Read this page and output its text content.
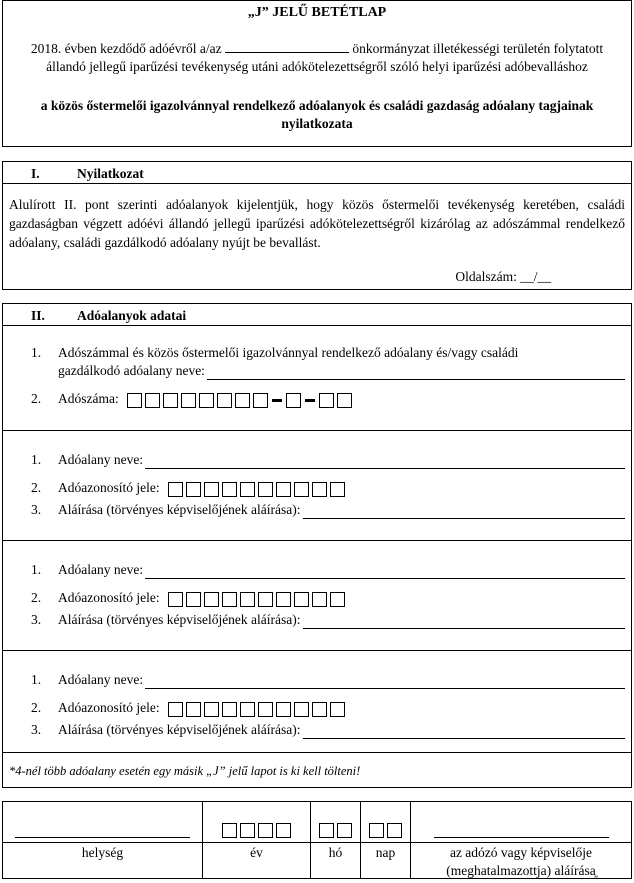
„J” JELŰ BETÉTLAP
2018. évben kezdődő adóévről a/az	önkormányzat illetékességi területén folytatott állandó jellegű iparűzési tevékenység utáni adókötelezettségről szóló helyi iparűzési adóbevalláshoz
a közös őstermelői igazolvánnyal rendelkező adóalanyok és családi gazdaság adóalany tagjainak nyilatkozata
I.	Nyilatkozat
Alulírott II. pont szerinti adóalanyok kijelentjük, hogy közös őstermelői tevékenység keretében, családi gazdaságban végzett adóévi állandó jellegű iparűzési adókötelezettségről kizárólag az adószámmal rendelkező adóalany, családi gazdálkodó adóalany nyújt be bevallást.
Oldalszám: __/__
II. Adóalanyok adatai
1.	Adószámmal és közös őstermelői igazolvánnyal rendelkező adóalany és/vagy családi
gazdálkodó adóalany neve:
2.	Adószáma:
1.	Adóalany neve:
2.	Adóazonosító jele:
3.	Aláírása (törvényes képviselőjének aláírása):
1.	Adóalany neve:
2.	Adóazonosító jele:
3.	Aláírása (törvényes képviselőjének aláírása):
1.	Adóalany neve:
2.	Adóazonosító jele:
3.	Aláírása (törvényes képviselőjének aláírása):
*4-nél több adóalany esetén egy másik „J” jelű lapot is ki kell tölteni!
helység	év	hó	nap	az adózó vagy képviselője
(meghatalmazottja) aláírása
”
